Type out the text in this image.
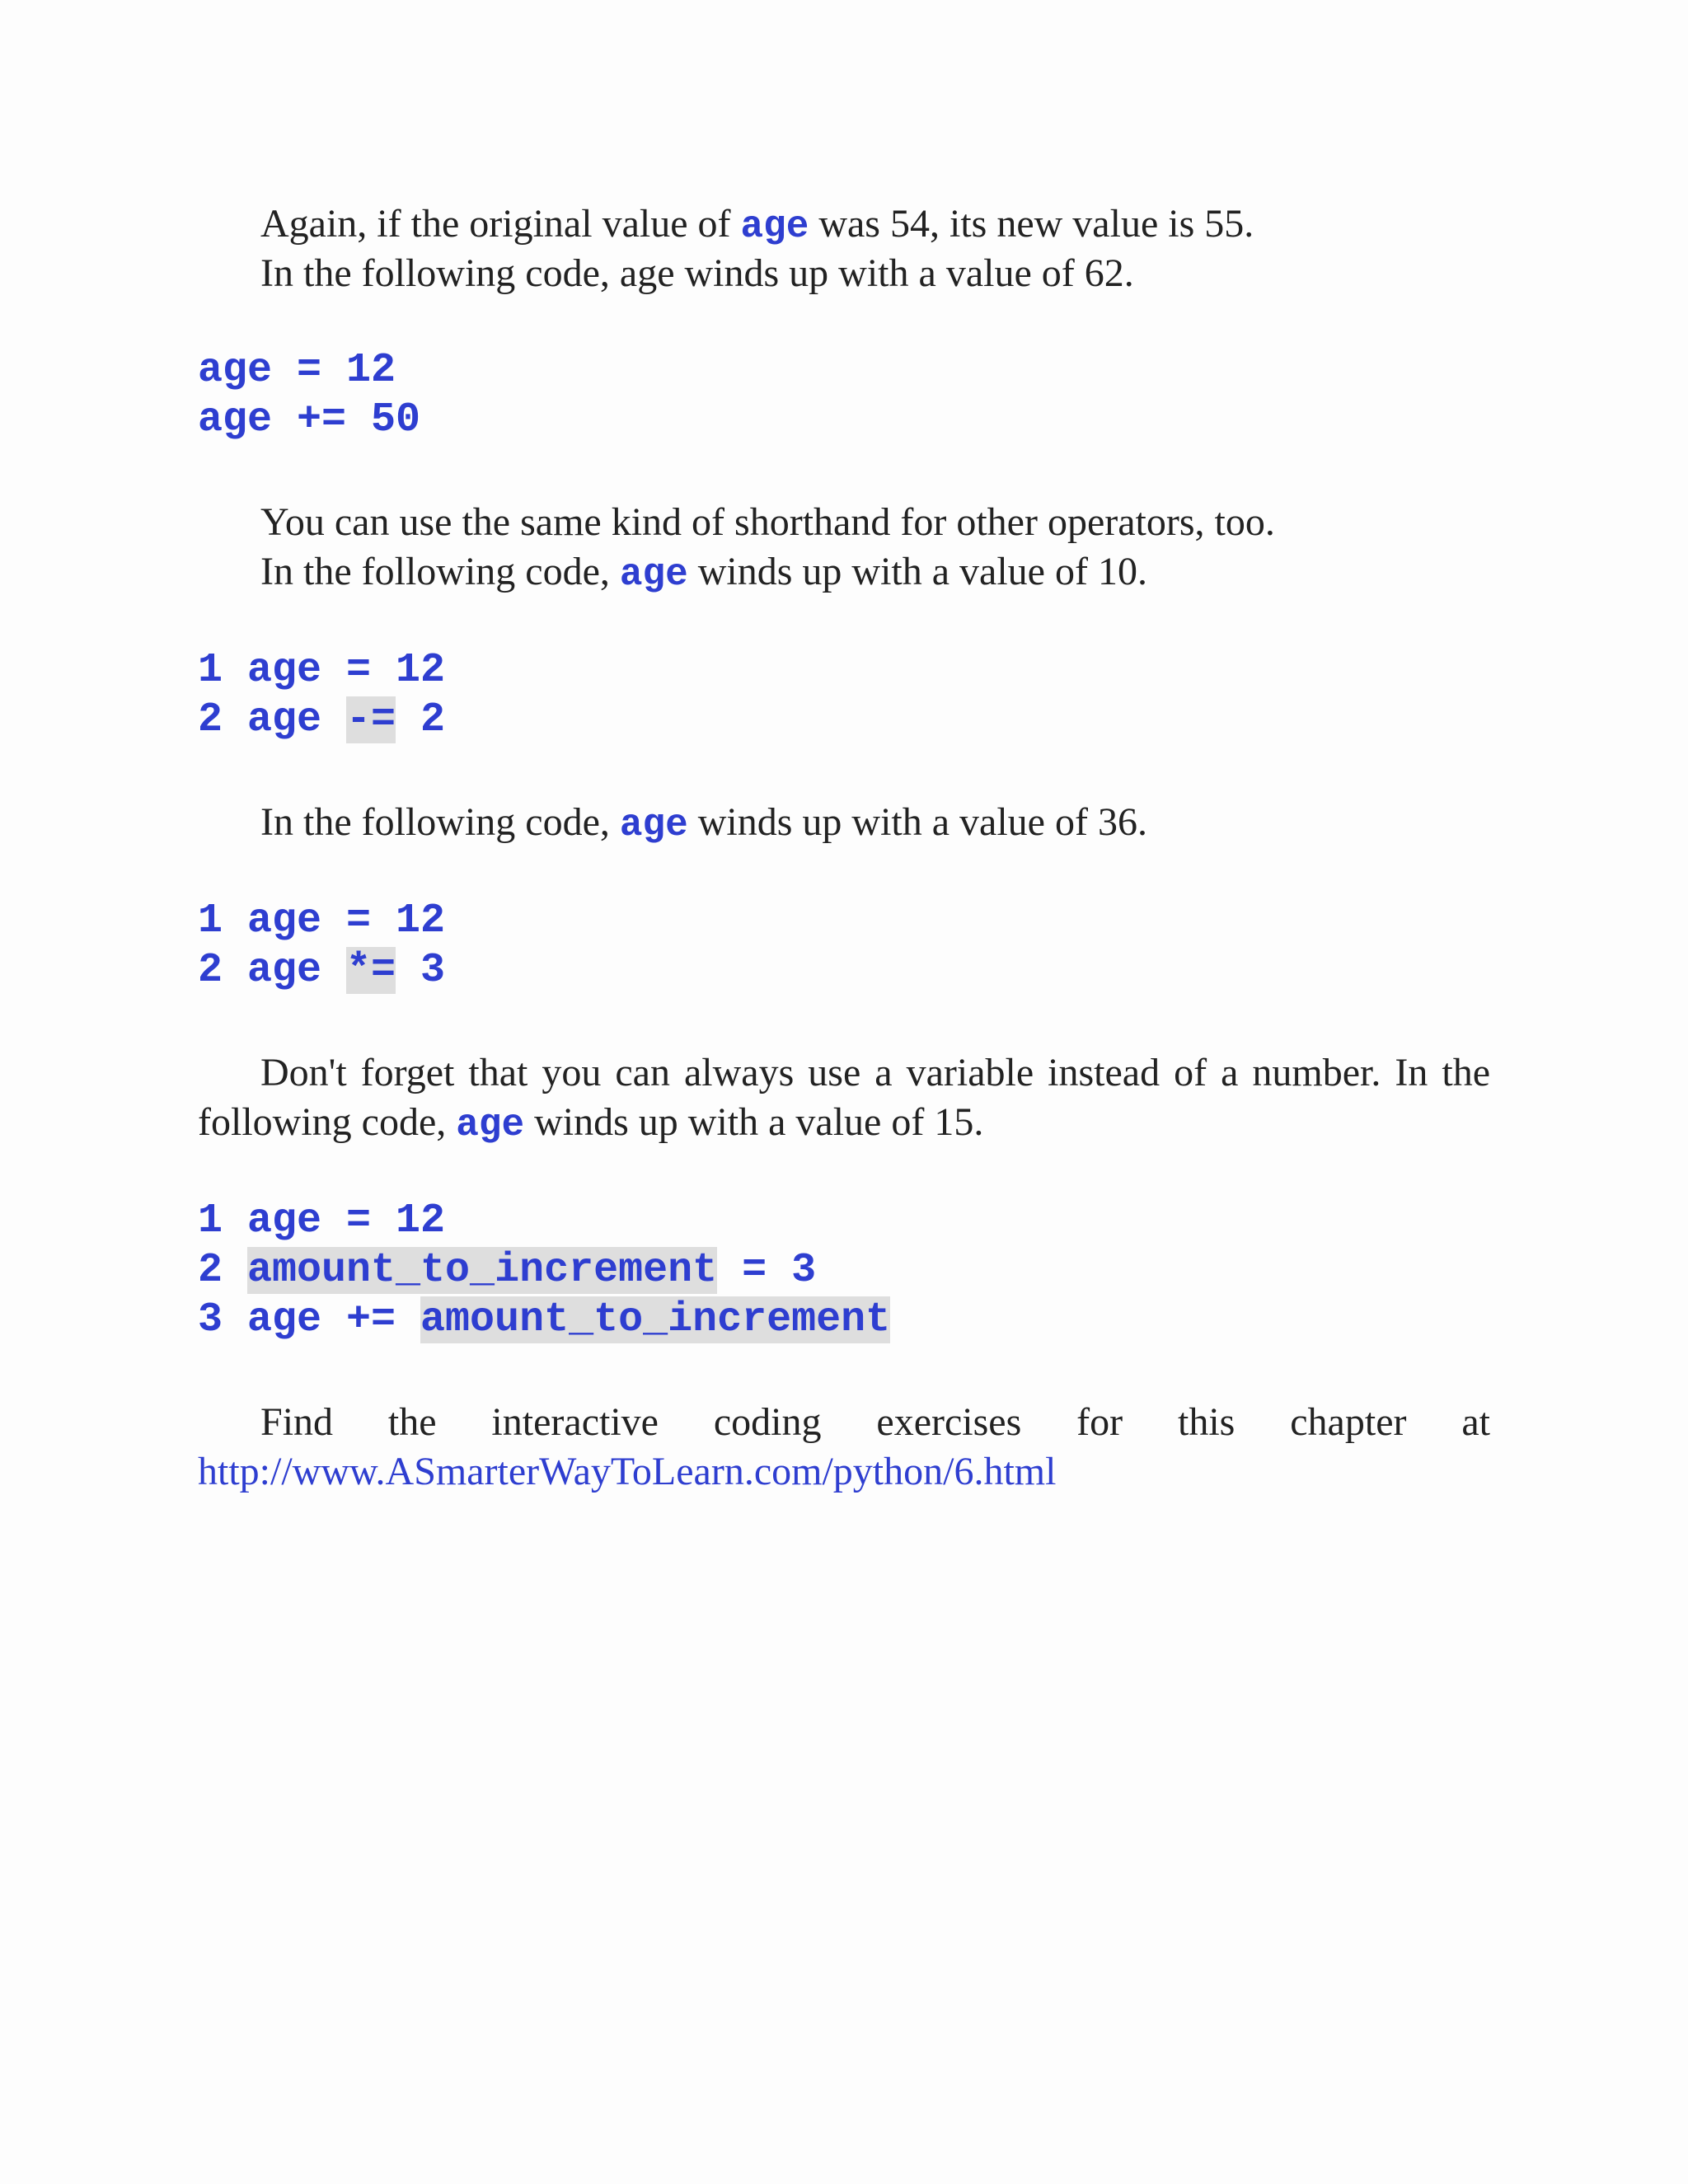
Again, if the original value of age was 54, its new value is 55.
In the following code, age winds up with a value of 62.
age = 12
age += 50
You can use the same kind of shorthand for other operators, too.
In the following code, age winds up with a value of 10.
1 age = 12
2 age -= 2
In the following code, age winds up with a value of 36.
1 age = 12
2 age *= 3
Don't forget that you can always use a variable instead of a number. In the
following code, age winds up with a value of 15.
1 age = 12
2 amount_to_increment = 3
3 age += amount_to_increment
Find the interactive coding exercises for this chapter at
http://www.ASmarterWayToLearn.com/python/6.html
